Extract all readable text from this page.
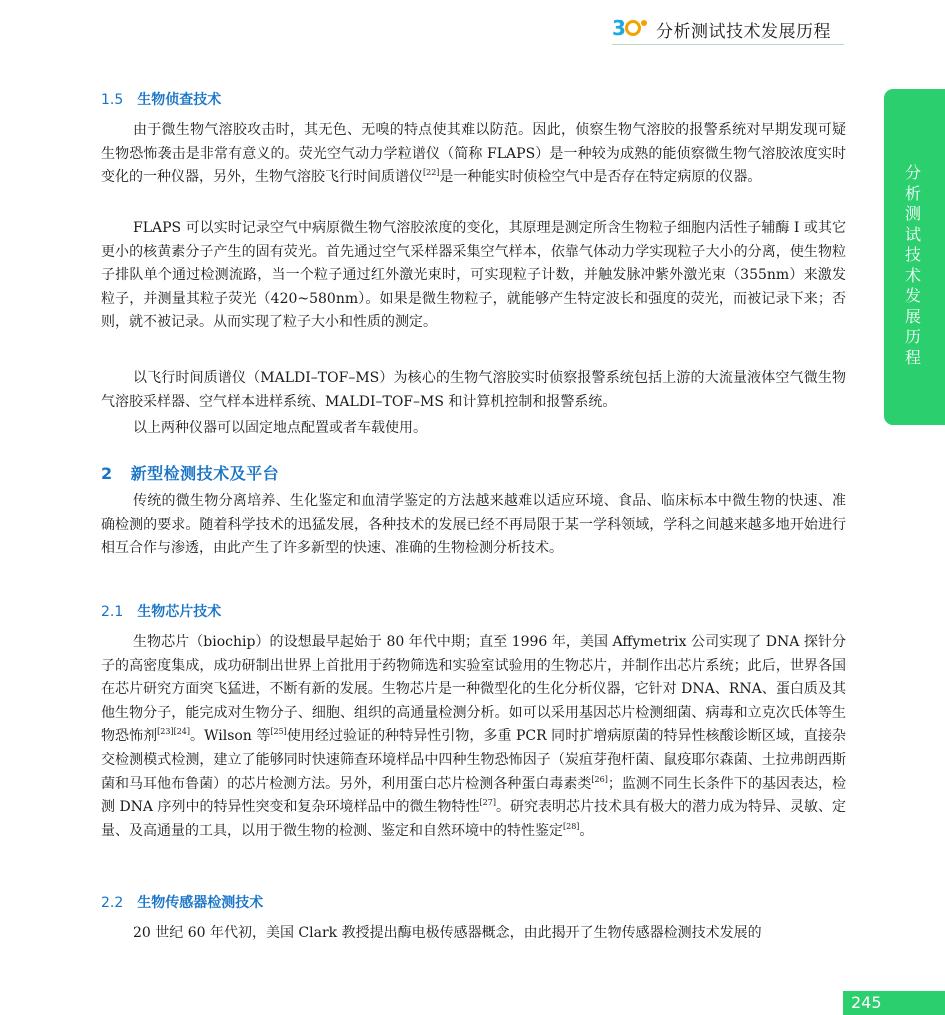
3 分析测试技术发展历程
分析测试技术发展历程
1.5 生物侦查技术

由于微生物气溶胶攻击时，其无色、无嗅的特点使其难以防范。因此，侦察生物气溶胶的报警系统对早期发现可疑生物恐怖袭击是非常有意义的。荧光空气动力学粒谱仪（简称 FLAPS）是一种较为成熟的能侦察微生物气溶胶浓度实时变化的一种仪器，另外，生物气溶胶飞行时间质谱仪[22]是一种能实时侦检空气中是否存在特定病原的仪器。

FLAPS 可以实时记录空气中病原微生物气溶胶浓度的变化，其原理是测定所含生物粒子细胞内活性子辅酶 I 或其它更小的核黄素分子产生的固有荧光。首先通过空气采样器采集空气样本，依靠气体动力学实现粒子大小的分离，使生物粒子排队单个通过检测流路，当一个粒子通过红外激光束时，可实现粒子计数，并触发脉冲紫外激光束（355nm）来激发粒子，并测量其粒子荧光（420~580nm）。如果是微生物粒子，就能够产生特定波长和强度的荧光，而被记录下来；否则，就不被记录。从而实现了粒子大小和性质的测定。

以飞行时间质谱仪（MALDI–TOF–MS）为核心的生物气溶胶实时侦察报警系统包括上游的大流量液体空气微生物气溶胶采样器、空气样本进样系统、MALDI–TOF–MS 和计算机控制和报警系统。

以上两种仪器可以固定地点配置或者车载使用。

2 新型检测技术及平台

传统的微生物分离培养、生化鉴定和血清学鉴定的方法越来越难以适应环境、食品、临床标本中微生物的快速、准确检测的要求。随着科学技术的迅猛发展，各种技术的发展已经不再局限于某一学科领域，学科之间越来越多地开始进行相互合作与渗透，由此产生了许多新型的快速、准确的生物检测分析技术。

2.1 生物芯片技术

生物芯片（biochip）的设想最早起始于 80 年代中期；直至 1996 年，美国 Affymetrix 公司实现了 DNA 探针分子的高密度集成，成功研制出世界上首批用于药物筛选和实验室试验用的生物芯片，并制作出芯片系统；此后，世界各国在芯片研究方面突飞猛进，不断有新的发展。生物芯片是一种微型化的生化分析仪器，它针对 DNA、RNA、蛋白质及其他生物分子，能完成对生物分子、细胞、组织的高通量检测分析。如可以采用基因芯片检测细菌、病毒和立克次氏体等生物恐怖剂[23][24]。Wilson 等[25]使用经过验证的种特异性引物，多重 PCR 同时扩增病原菌的特异性核酸诊断区域，直接杂交检测模式检测，建立了能够同时快速筛查环境样品中四种生物恐怖因子（炭疽芽孢杆菌、鼠疫耶尔森菌、土拉弗朗西斯菌和马耳他布鲁菌）的芯片检测方法。另外，利用蛋白芯片检测各种蛋白毒素类[26]；监测不同生长条件下的基因表达，检测 DNA 序列中的特异性突变和复杂环境样品中的微生物特性[27]。研究表明芯片技术具有极大的潜力成为特异、灵敏、定量、及高通量的工具，以用于微生物的检测、鉴定和自然环境中的特性鉴定[28]。

2.2 生物传感器检测技术

20 世纪 60 年代初，美国 Clark 教授提出酶电极传感器概念，由此揭开了生物传感器检测技术发展的

245
